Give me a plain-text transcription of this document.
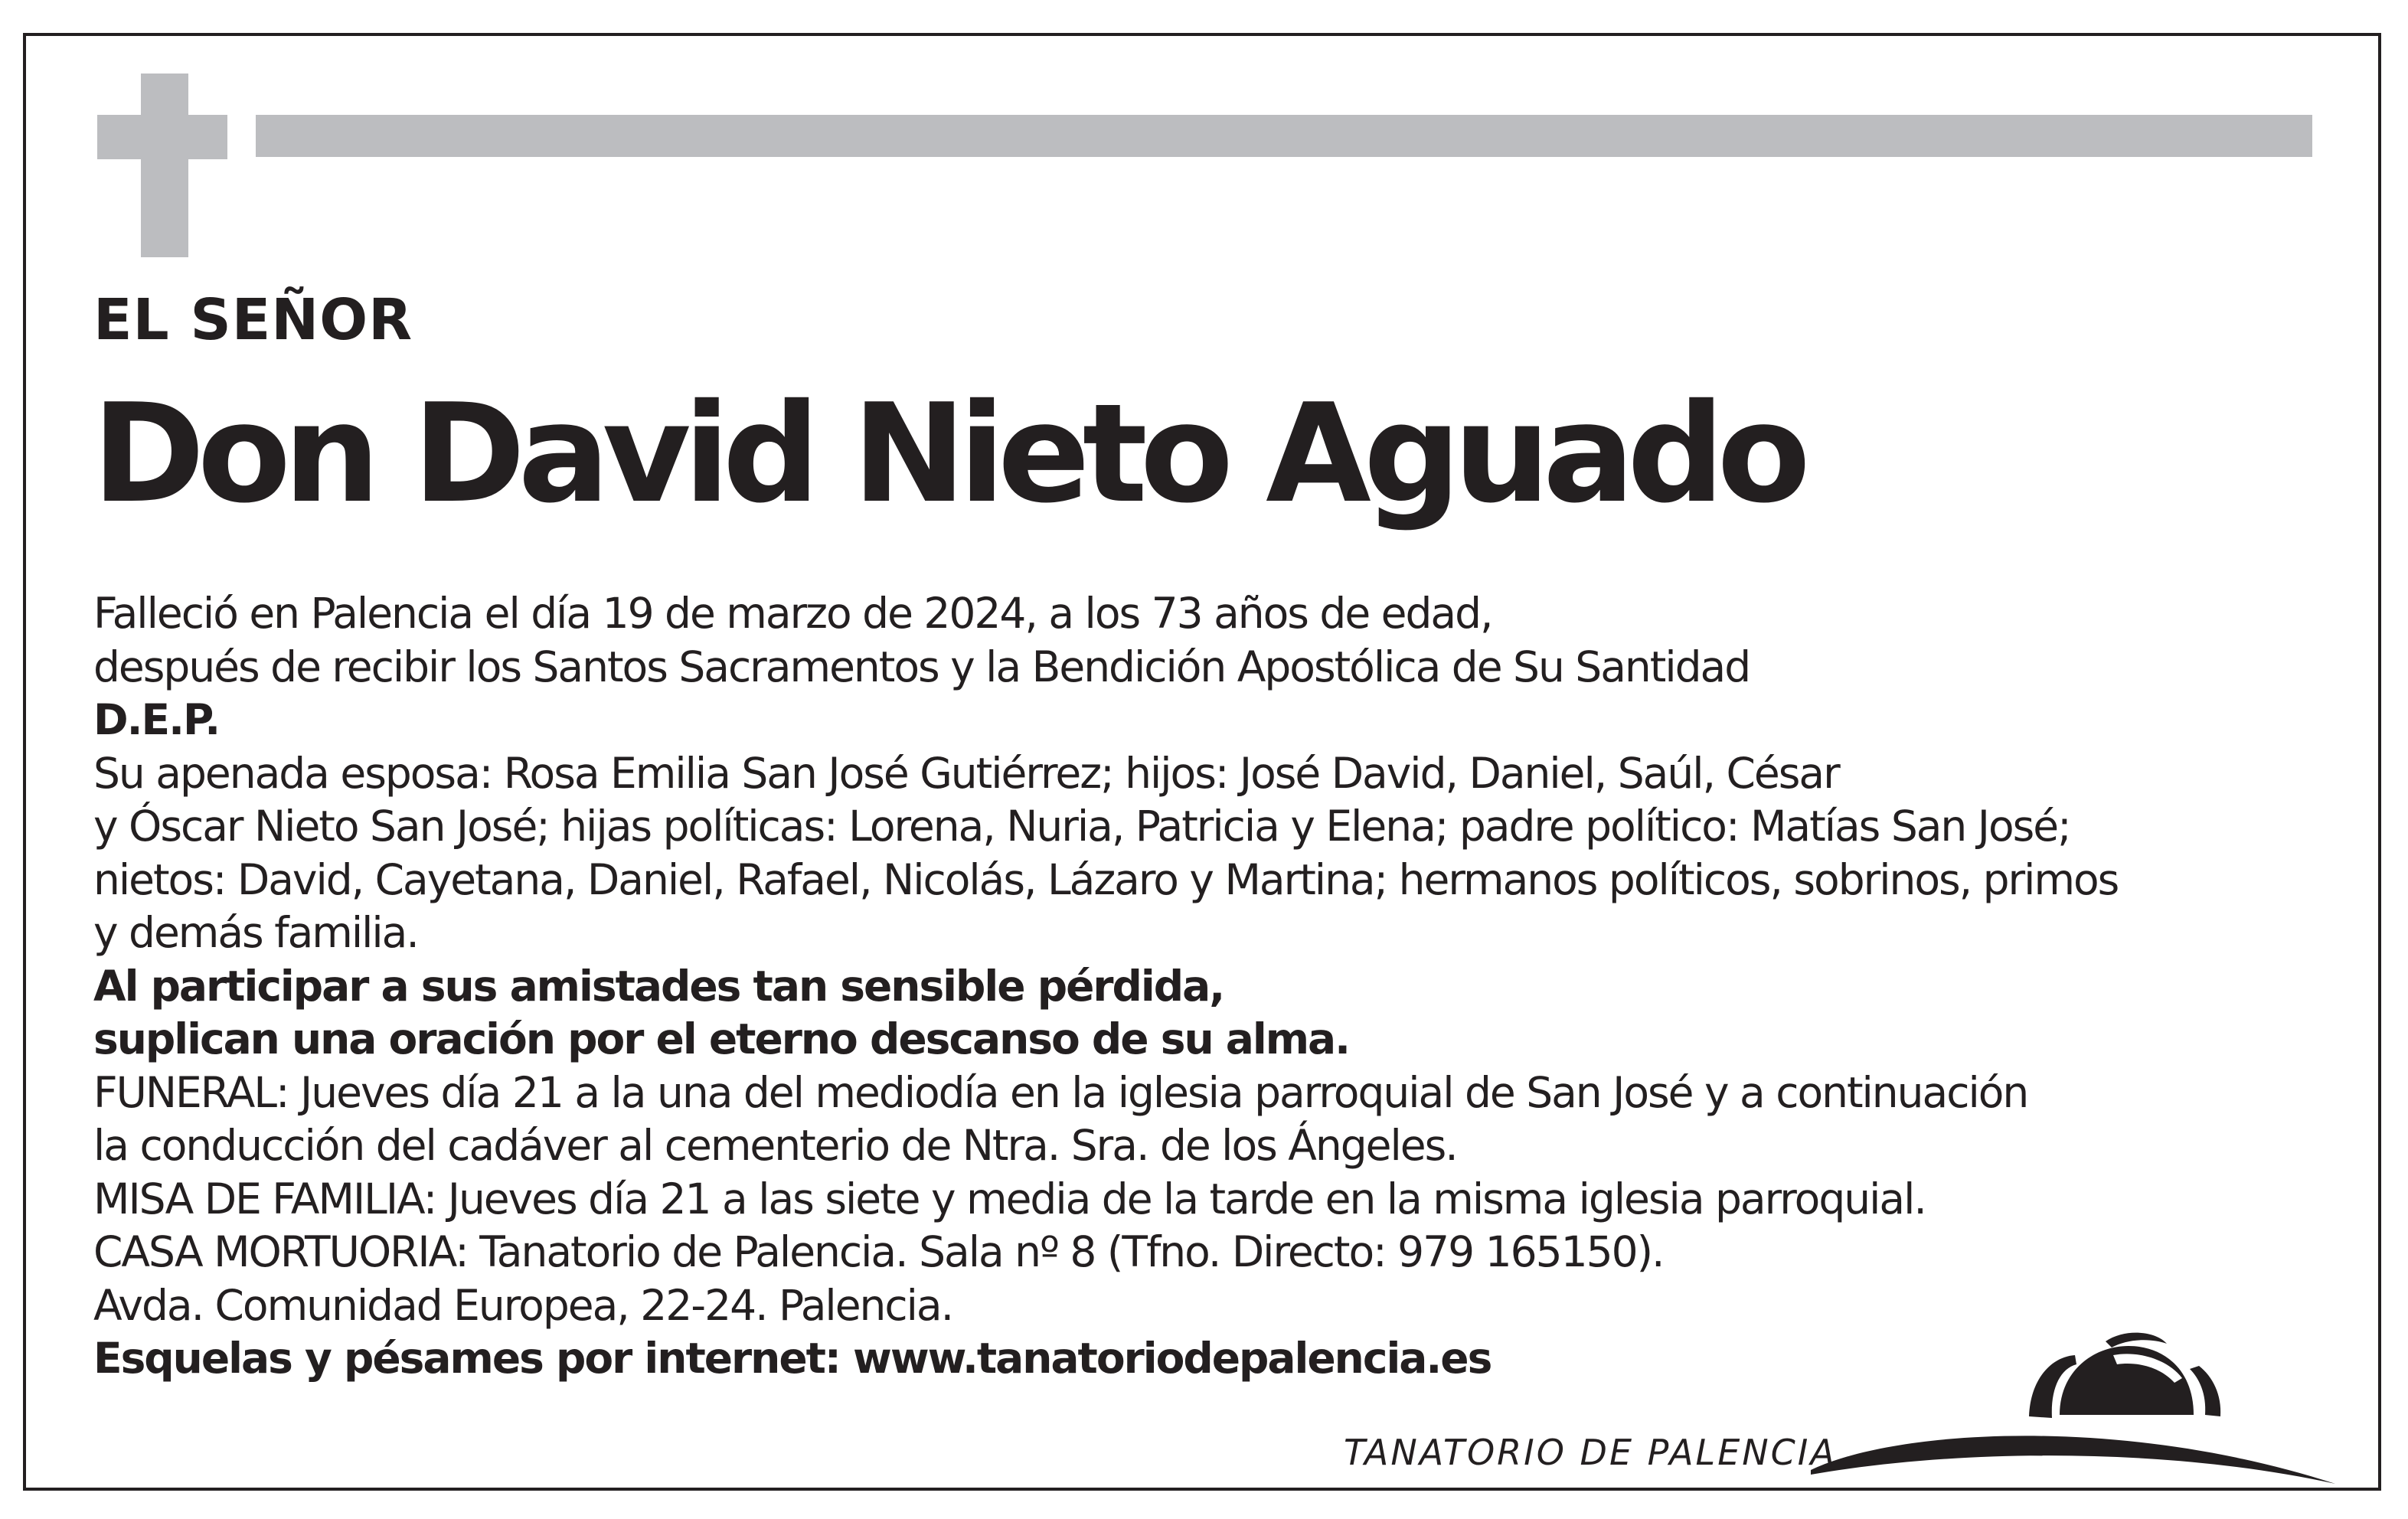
EL SEÑOR
Don David Nieto Aguado
Falleció en Palencia el día 19 de marzo de 2024, a los 73 años de edad,
después de recibir los Santos Sacramentos y la Bendición Apostólica de Su Santidad
D.E.P.
Su apenada esposa: Rosa Emilia San José Gutiérrez; hijos: José David, Daniel, Saúl, César
y Óscar Nieto San José; hijas políticas: Lorena, Nuria, Patricia y Elena; padre político: Matías San José;
nietos: David, Cayetana, Daniel, Rafael, Nicolás, Lázaro y Martina; hermanos políticos, sobrinos, primos
y demás familia.
Al participar a sus amistades tan sensible pérdida,
suplican una oración por el eterno descanso de su alma.
FUNERAL: Jueves día 21 a la una del mediodía en la iglesia parroquial de San José y a continuación
la conducción del cadáver al cementerio de Ntra. Sra. de los Ángeles.
MISA DE FAMILIA: Jueves día 21 a las siete y media de la tarde en la misma iglesia parroquial.
CASA MORTUORIA: Tanatorio de Palencia. Sala nº 8 (Tfno. Directo: 979 165150).
Avda. Comunidad Europea, 22-24. Palencia.
Esquelas y pésames por internet: www.tanatoriodepalencia.es
TANATORIO DE PALENCIA
